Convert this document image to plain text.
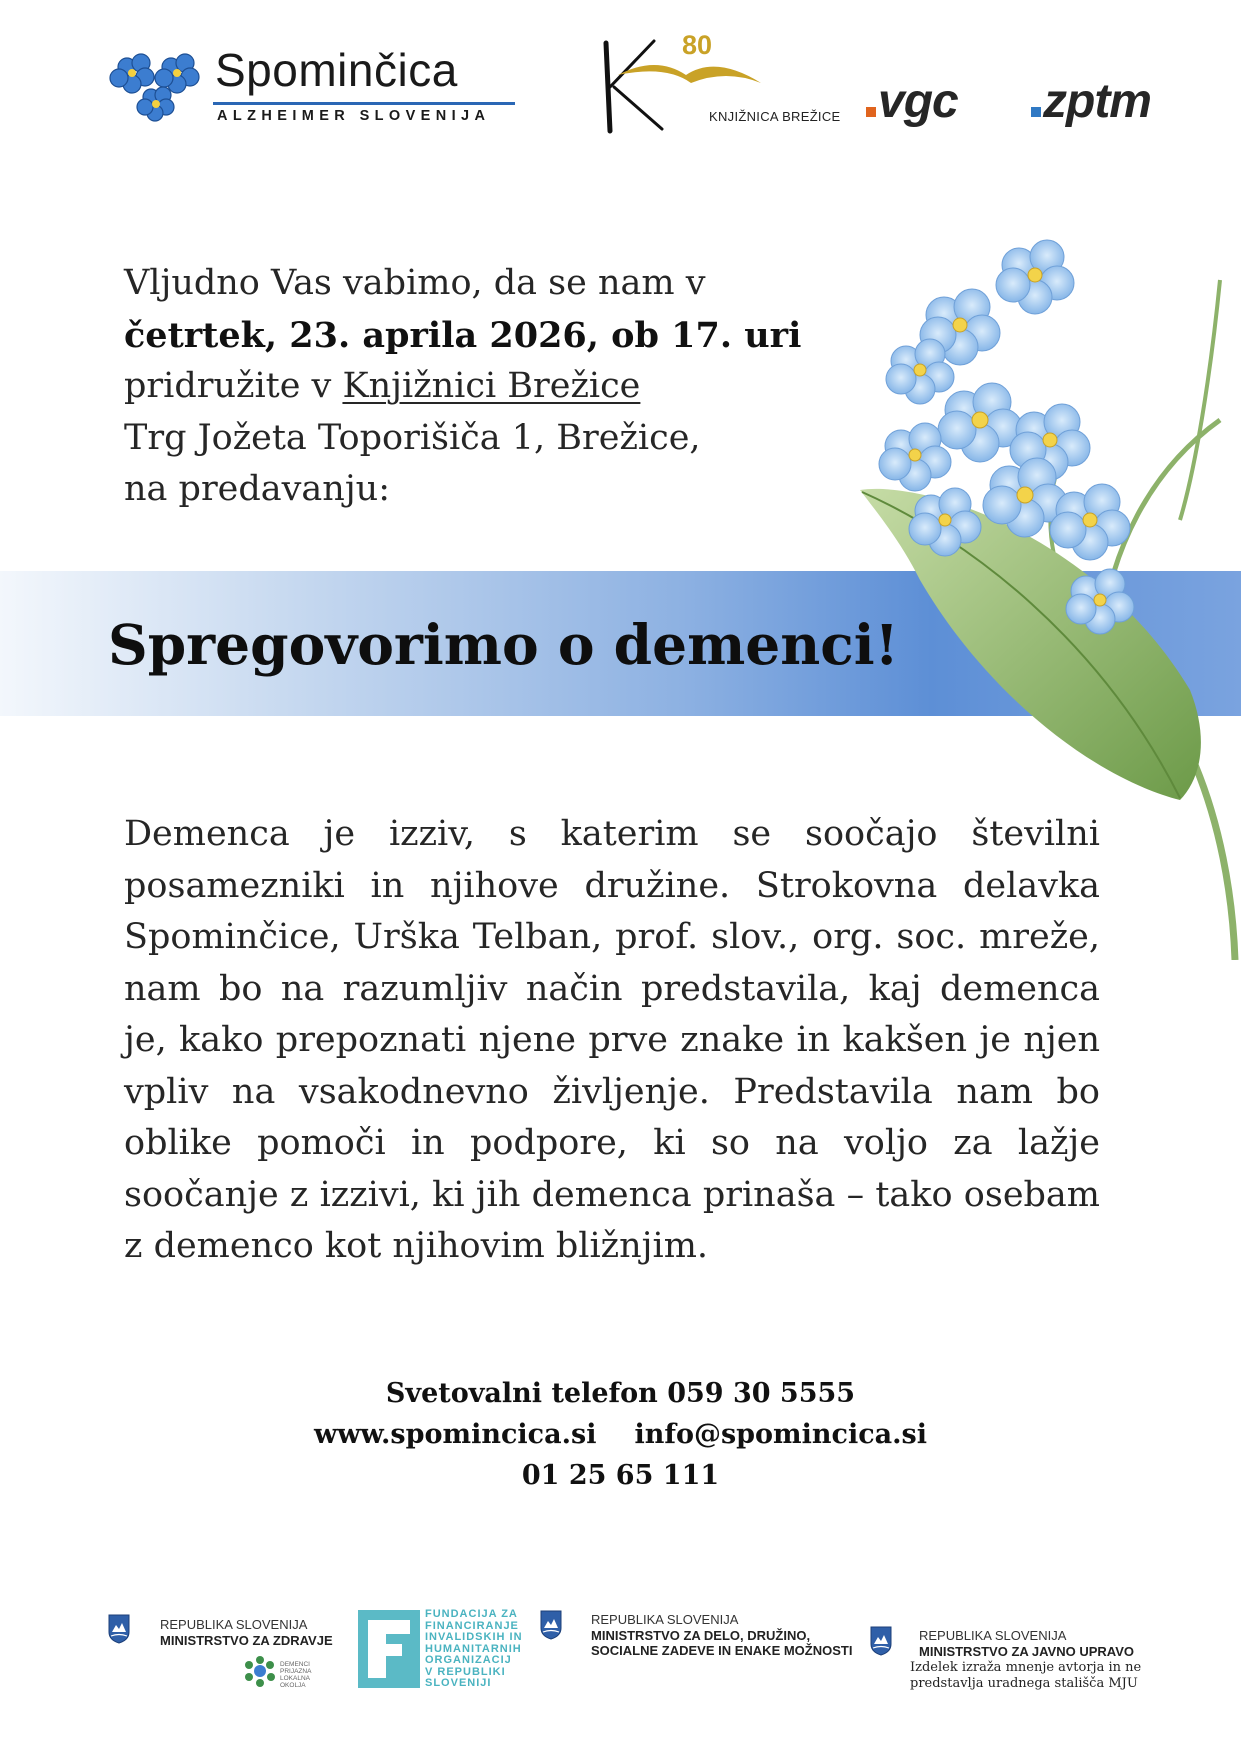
Spominčica
ALZHEIMER SLOVENIJA
80
KNJIŽNICA BREŽICE vgc zptm
Vljudno Vas vabimo, da se nam v
četrtek, 23. aprila 2026, ob 17. uri
pridružite v Knjižnici Brežice
Trg Jožeta Toporišiča 1, Brežice,
na predavanju:
Spregovorimo o demenci!
Demenca je izziv, s katerim se soočajo številni posamezniki in njihove družine. Strokovna delavka Spominčice, Urška Telban, prof. slov., org. soc. mreže, nam bo na razumljiv način predstavila, kaj demenca je, kako prepoznati njene prve znake in kakšen je njen vpliv na vsakodnevno življenje. Predstavila nam bo oblike pomoči in podpore, ki so na voljo za lažje soočanje z izzivi, ki jih demenca prinaša – tako osebam z demenco kot njihovim bližnjim.
Svetovalni telefon 059 30 5555
www.spomincica.si info@spomincica.si
01 25 65 111
REPUBLIKA SLOVENIJA
MINISTRSTVO ZA ZDRAVJE
DEMENCI PRIJAZNA LOKALNA OKOLJA
FUNDACIJA ZA
FINANCIRANJE
INVALIDSKIH IN
HUMANITARNIH
ORGANIZACIJ
V REPUBLIKI
SLOVENIJI
REPUBLIKA SLOVENIJA
MINISTRSTVO ZA DELO, DRUŽINO,
SOCIALNE ZADEVE IN ENAKE MOŽNOSTI
REPUBLIKA SLOVENIJA
MINISTRSTVO ZA JAVNO UPRAVO
Izdelek izraža mnenje avtorja in ne
predstavlja uradnega stališča MJU
